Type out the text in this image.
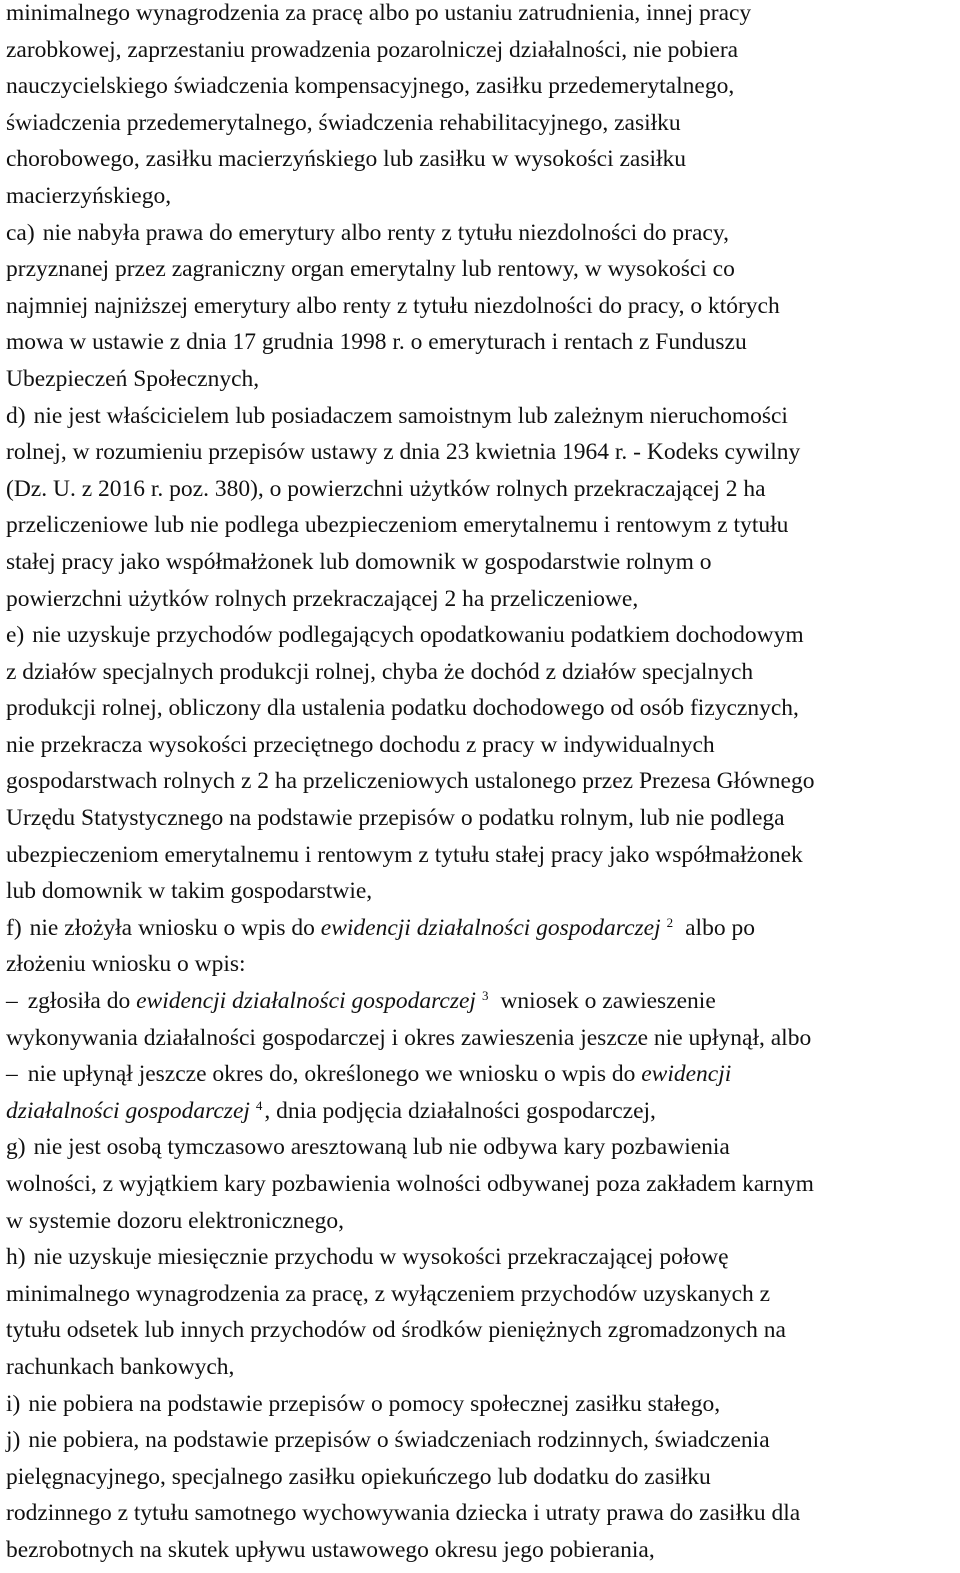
minimalnego wynagrodzenia za pracę albo po ustaniu zatrudnienia, innej pracy
zarobkowej, zaprzestaniu prowadzenia pozarolniczej działalności, nie pobiera
nauczycielskiego świadczenia kompensacyjnego, zasiłku przedemerytalnego,
świadczenia przedemerytalnego, świadczenia rehabilitacyjnego, zasiłku
chorobowego, zasiłku macierzyńskiego lub zasiłku w wysokości zasiłku
macierzyńskiego,
ca) nie nabyła prawa do emerytury albo renty z tytułu niezdolności do pracy,
przyznanej przez zagraniczny organ emerytalny lub rentowy, w wysokości co
najmniej najniższej emerytury albo renty z tytułu niezdolności do pracy, o których
mowa w ustawie z dnia 17 grudnia 1998 r. o emeryturach i rentach z Funduszu
Ubezpieczeń Społecznych,
d) nie jest właścicielem lub posiadaczem samoistnym lub zależnym nieruchomości
rolnej, w rozumieniu przepisów ustawy z dnia 23 kwietnia 1964 r. - Kodeks cywilny
(Dz. U. z 2016 r. poz. 380), o powierzchni użytków rolnych przekraczającej 2 ha
przeliczeniowe lub nie podlega ubezpieczeniom emerytalnemu i rentowym z tytułu
stałej pracy jako współmałżonek lub domownik w gospodarstwie rolnym o
powierzchni użytków rolnych przekraczającej 2 ha przeliczeniowe,
e) nie uzyskuje przychodów podlegających opodatkowaniu podatkiem dochodowym
z działów specjalnych produkcji rolnej, chyba że dochód z działów specjalnych
produkcji rolnej, obliczony dla ustalenia podatku dochodowego od osób fizycznych,
nie przekracza wysokości przeciętnego dochodu z pracy w indywidualnych
gospodarstwach rolnych z 2 ha przeliczeniowych ustalonego przez Prezesa Głównego
Urzędu Statystycznego na podstawie przepisów o podatku rolnym, lub nie podlega
ubezpieczeniom emerytalnemu i rentowym z tytułu stałej pracy jako współmałżonek
lub domownik w takim gospodarstwie,
f) nie złożyła wniosku o wpis do ewidencji działalności gospodarczej $^2$ albo po
złożeniu wniosku o wpis:
– zgłosiła do ewidencji działalności gospodarczej $^3$ wniosek o zawieszenie
wykonywania działalności gospodarczej i okres zawieszenia jeszcze nie upłynął, albo
– nie upłynął jeszcze okres do, określonego we wniosku o wpis do ewidencji
działalności gospodarczej $^4$, dnia podjęcia działalności gospodarczej,
g) nie jest osobą tymczasowo aresztowaną lub nie odbywa kary pozbawienia
wolności, z wyjątkiem kary pozbawienia wolności odbywanej poza zakładem karnym
w systemie dozoru elektronicznego,
h) nie uzyskuje miesięcznie przychodu w wysokości przekraczającej połowę
minimalnego wynagrodzenia za pracę, z wyłączeniem przychodów uzyskanych z
tytułu odsetek lub innych przychodów od środków pieniężnych zgromadzonych na
rachunkach bankowych,
i) nie pobiera na podstawie przepisów o pomocy społecznej zasiłku stałego,
j) nie pobiera, na podstawie przepisów o świadczeniach rodzinnych, świadczenia
pielęgnacyjnego, specjalnego zasiłku opiekuńczego lub dodatku do zasiłku
rodzinnego z tytułu samotnego wychowywania dziecka i utraty prawa do zasiłku dla
bezrobotnych na skutek upływu ustawowego okresu jego pobierania,
